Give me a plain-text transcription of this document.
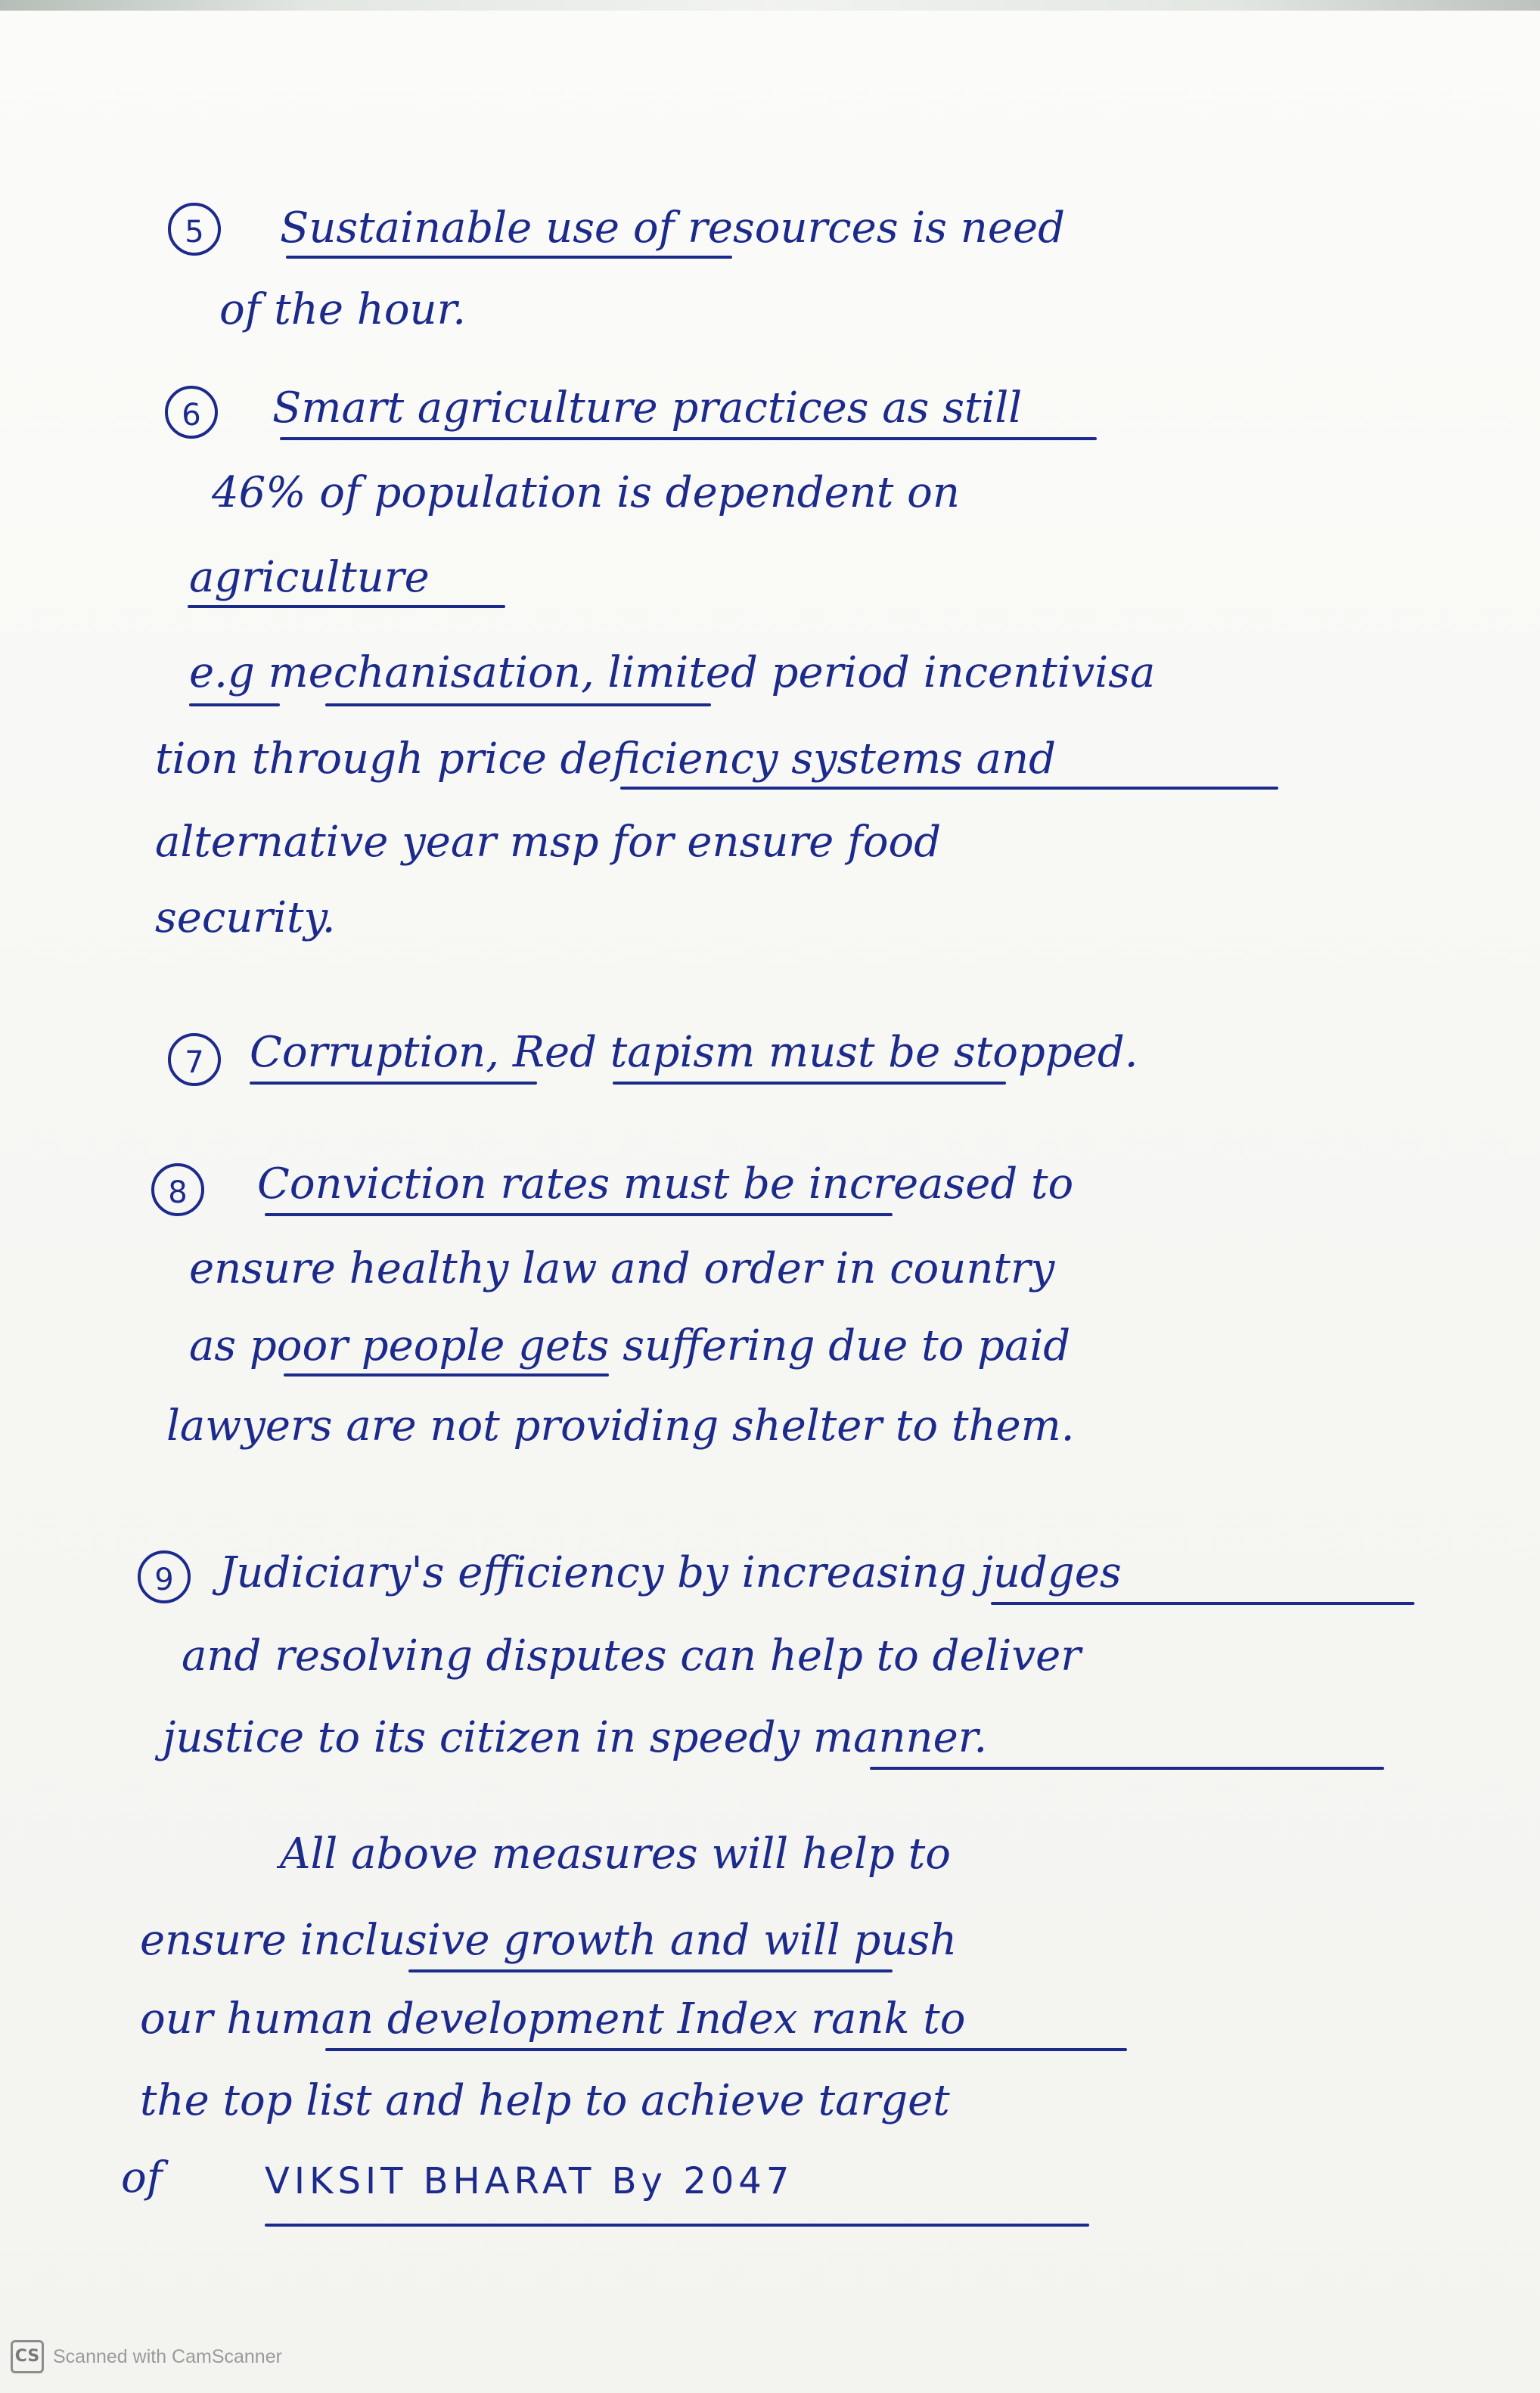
5	Sustainable use of resources is need
of the hour.
6	Smart agriculture practices as still
46% of population is dependent on
agriculture
e.g mechanisation, limited period incentivisa
tion through price deficiency systems and
alternative year msp for ensure food
security.
7	Corruption, Red tapism must be stopped.
8	Conviction rates must be increased to
ensure healthy law and order in country
as poor people gets suffering due to paid
lawyers are not providing shelter to them.
9	Judiciary's efficiency by increasing judges
and resolving disputes can help to deliver
justice to its citizen in speedy manner.
All above measures will help to
ensure inclusive growth and will push
our human development Index rank to
the top list and help to achieve target
of	VIKSIT BHARAT By 2047
CS Scanned with CamScanner
